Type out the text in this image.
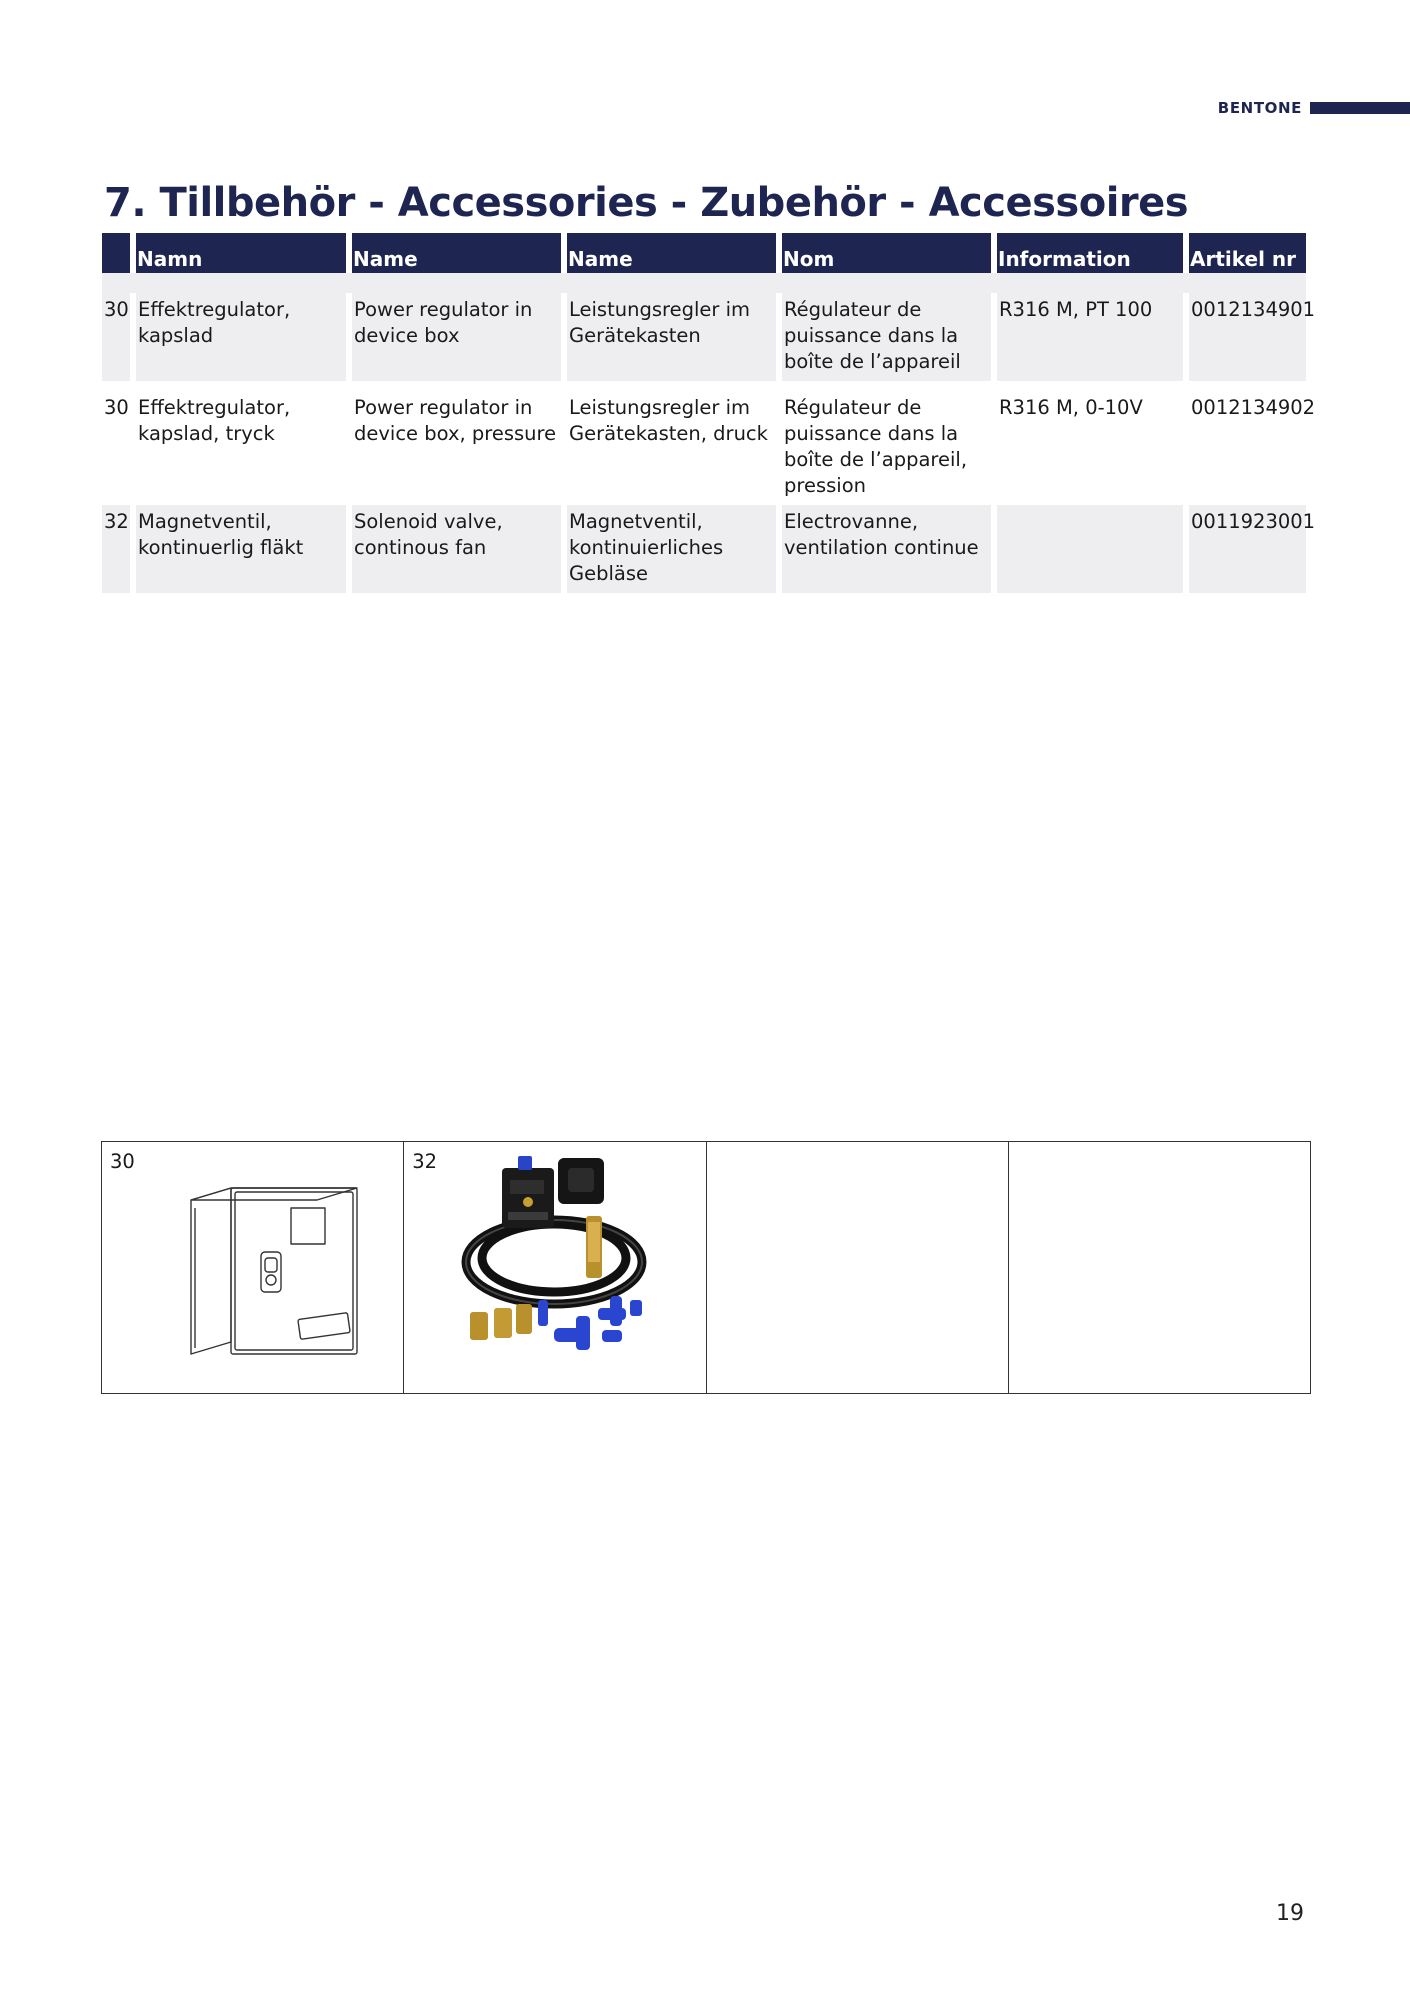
BENTONE
7. Tillbehör - Accessories - Zubehör - Accessoires
	Namn	Name	Name	Nom	Information	Artikel nr

30	Effektregulator, kapslad	Power regulator in device box	Leistungsregler im Gerätekasten	Régulateur de puissance dans la boîte de l’appareil	R316 M, PT 100	0012134901

30	Effektregulator, kapslad, tryck	Power regulator in device box, pressure	Leistungsregler im Gerätekasten, druck	Régulateur de puissance dans la boîte de l’appareil, pression	R316 M, 0-10V	0012134902
32	Magnetventil, kontinuerlig fläkt	Solenoid valve, continous fan	Magnetventil, kontinuierliches Gebläse	Electrovanne, ventilation continue		0011923001
30	32

19
